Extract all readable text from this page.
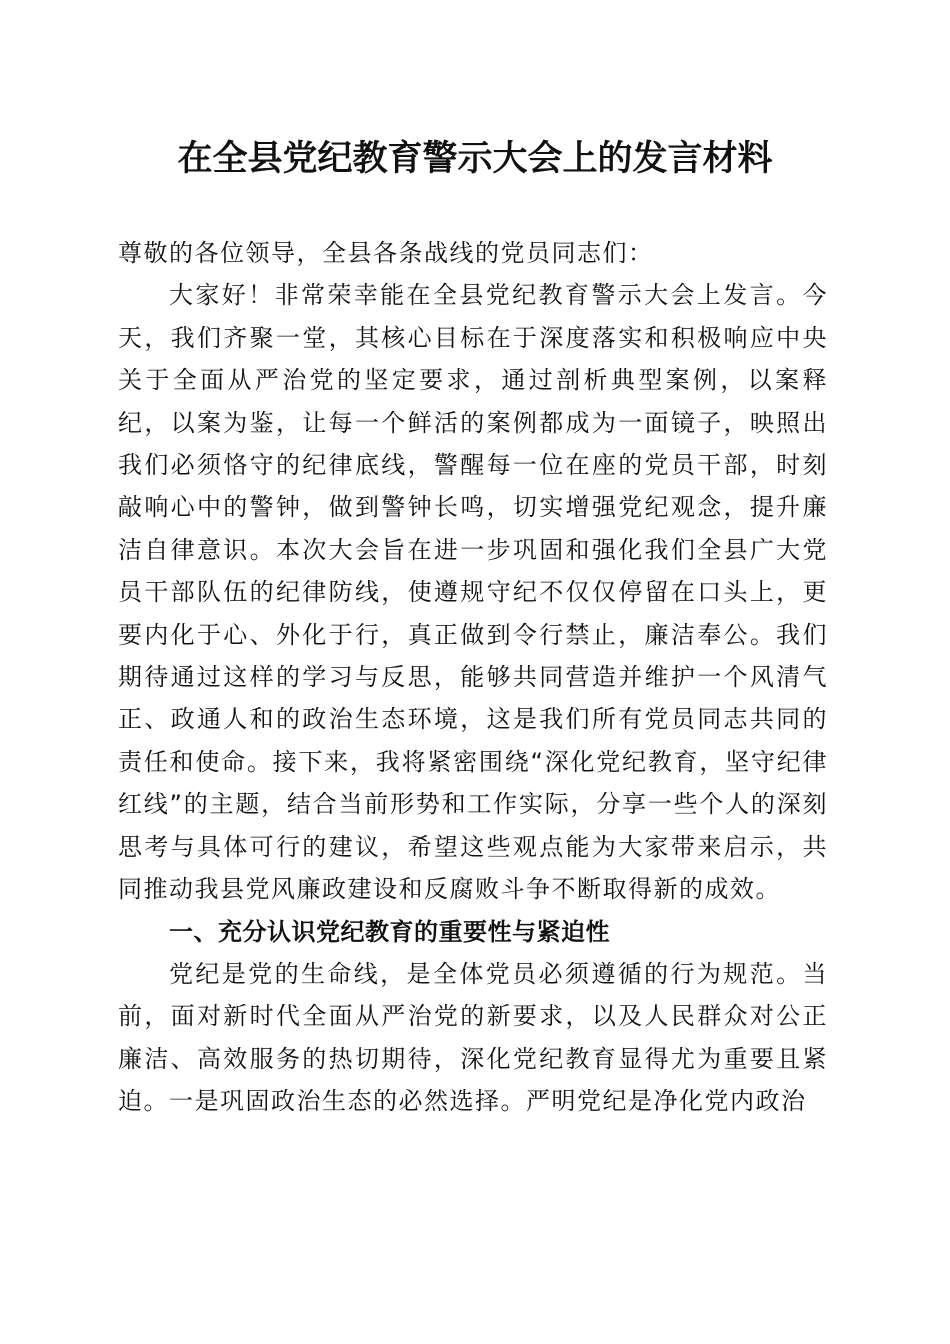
在全县党纪教育警示大会上的发言材料

尊敬的各位领导，全县各条战线的党员同志们：

大家好！非常荣幸能在全县党纪教育警示大会上发言。今天，我们齐聚一堂，其核心目标在于深度落实和积极响应中央关于全面从严治党的坚定要求，通过剖析典型案例，以案释纪，以案为鉴，让每一个鲜活的案例都成为一面镜子，映照出我们必须恪守的纪律底线，警醒每一位在座的党员干部，时刻敲响心中的警钟，做到警钟长鸣，切实增强党纪观念，提升廉洁自律意识。本次大会旨在进一步巩固和强化我们全县广大党员干部队伍的纪律防线，使遵规守纪不仅仅停留在口头上，更要内化于心、外化于行，真正做到令行禁止，廉洁奉公。我们期待通过这样的学习与反思，能够共同营造并维护一个风清气正、政通人和的政治生态环境，这是我们所有党员同志共同的责任和使命。接下来，我将紧密围绕“深化党纪教育，坚守纪律红线”的主题，结合当前形势和工作实际，分享一些个人的深刻思考与具体可行的建议，希望这些观点能为大家带来启示，共同推动我县党风廉政建设和反腐败斗争不断取得新的成效。

一、充分认识党纪教育的重要性与紧迫性

党纪是党的生命线，是全体党员必须遵循的行为规范。当前，面对新时代全面从严治党的新要求，以及人民群众对公正廉洁、高效服务的热切期待，深化党纪教育显得尤为重要且紧迫。一是巩固政治生态的必然选择。严明党纪是净化党内政治
